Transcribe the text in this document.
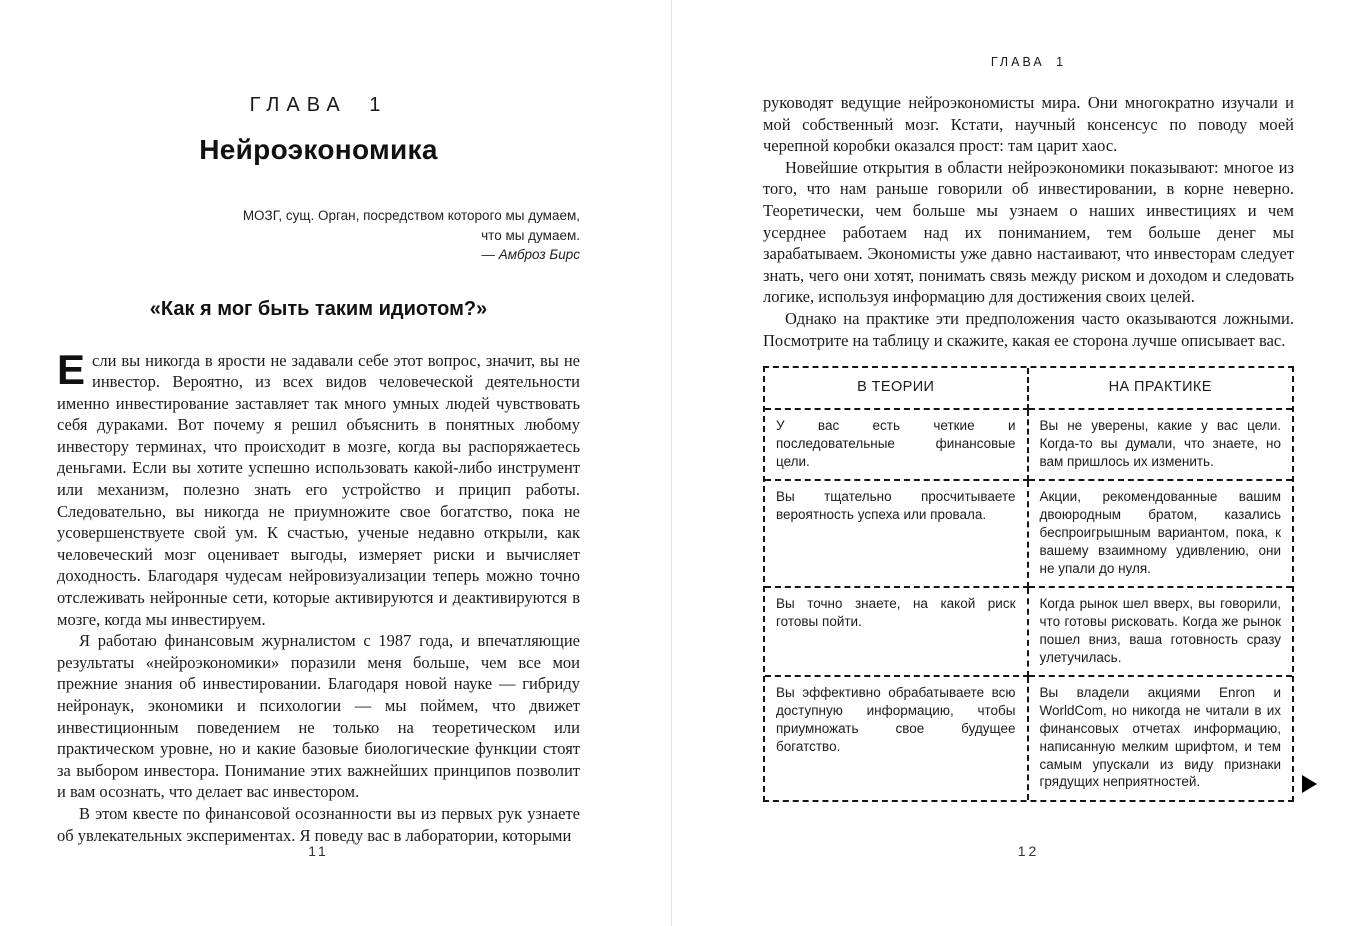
ГЛАВА 1
Нейроэкономика
МОЗГ, сущ. Орган, посредством которого мы думаем,
что мы думаем.
— Амброз Бирс
«Как я мог быть таким идиотом?»

Если вы никогда в ярости не задавали себе этот вопрос, значит, вы не инвестор. Вероятно, из всех видов человеческой деятельности именно инвестирование заставляет так много умных людей чувствовать себя дураками. Вот почему я решил объяснить в понятных любому инвестору терминах, что происходит в мозге, когда вы распоряжаетесь деньгами. Если вы хотите успешно использовать какой-либо инструмент или механизм, полезно знать его устройство и прицип работы. Следовательно, вы никогда не приумножите свое богатство, пока не усовершенствуете свой ум. К счастью, ученые недавно открыли, как человеческий мозг оценивает выгоды, измеряет риски и вычисляет доходность. Благодаря чудесам нейровизуализации теперь можно точно отслеживать нейронные сети, которые активируются и деактивируются в мозге, когда мы инвестируем.

Я работаю финансовым журналистом с 1987 года, и впечатляющие результаты «нейроэкономики» поразили меня больше, чем все мои прежние знания об инвестировании. Благодаря новой науке — гибриду нейронаук, экономики и психологии — мы поймем, что движет инвестиционным поведением не только на теоретическом или практическом уровне, но и какие базовые биологические функции стоят за выбором инвестора. Понимание этих важнейших принципов позволит и вам осознать, что делает вас инвестором.

В этом квесте по финансовой осознанности вы из первых рук узнаете об увлекательных экспериментах. Я поведу вас в лаборатории, которыми

ГЛАВА 1

руководят ведущие нейроэкономисты мира. Они многократно изучали и мой собственный мозг. Кстати, научный консенсус по поводу моей черепной коробки оказался прост: там царит хаос.

Новейшие открытия в области нейроэкономики показывают: многое из того, что нам раньше говорили об инвестировании, в корне неверно. Теоретически, чем больше мы узнаем о наших инвестициях и чем усерднее работаем над их пониманием, тем больше денег мы зарабатываем. Экономисты уже давно настаивают, что инвесторам следует знать, чего они хотят, понимать связь между риском и доходом и следовать логике, используя информацию для достижения своих целей.

Однако на практике эти предположения часто оказываются ложными. Посмотрите на таблицу и скажите, какая ее сторона лучше описывает вас.

В ТЕОРИИ	НА ПРАКТИКЕ
У вас есть четкие и последовательные финансовые цели.
Вы не уверены, какие у вас цели. Когда-то вы думали, что знаете, но вам пришлось их изменить.
Вы тщательно просчитываете вероятность успеха или провала.
Акции, рекомендованные вашим двоюродным братом, казались беспроигрышным вариантом, пока, к вашему взаимному удивлению, они не упали до нуля.
Вы точно знаете, на какой риск готовы пойти.
Когда рынок шел вверх, вы говорили, что готовы рисковать. Когда же рынок пошел вниз, ваша готовность сразу улетучилась.
Вы эффективно обрабатываете всю доступную информацию, чтобы приумножать свое будущее богатство.
Вы владели акциями Enron и WorldCom, но никогда не читали в их финансовых отчетах информацию, написанную мелким шрифтом, и тем самым упускали из виду признаки грядущих неприятностей.
11	12
